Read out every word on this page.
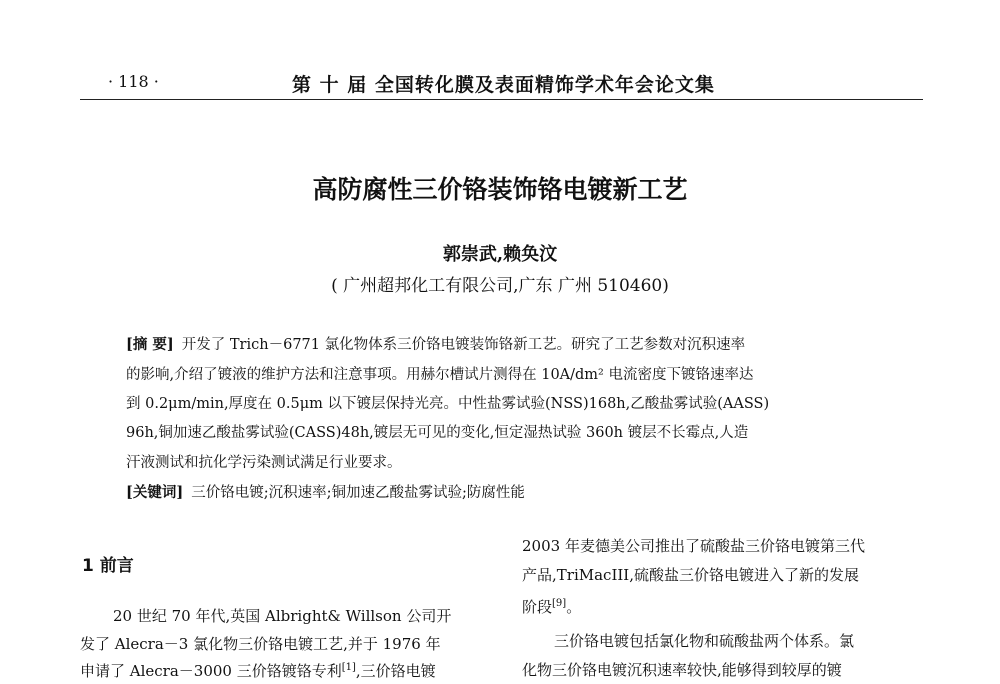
· 118 ·	第 十 届 全国转化膜及表面精饰学术年会论文集
高防腐性三价铬装饰铬电镀新工艺
郭崇武,赖奂汶
( 广州超邦化工有限公司,广东 广州 510460)
[摘 要] 开发了 Trich－6771 氯化物体系三价铬电镀装饰铬新工艺。研究了工艺参数对沉积速率
的影响,介绍了镀液的维护方法和注意事项。用赫尔槽试片测得在 10A/dm² 电流密度下镀铬速率达
到 0.2μm/min,厚度在 0.5μm 以下镀层保持光亮。中性盐雾试验(NSS)168h,乙酸盐雾试验(AASS)
96h,铜加速乙酸盐雾试验(CASS)48h,镀层无可见的变化,恒定湿热试验 360h 镀层不长霉点,人造
汗液测试和抗化学污染测试满足行业要求。
[关键词] 三价铬电镀;沉积速率;铜加速乙酸盐雾试验;防腐性能
1 前言
20 世纪 70 年代,英国 Albright& Willson 公司开
发了 Alecra－3 氯化物三价铬电镀工艺,并于 1976 年
申请了 Alecra－3000 三价铬镀铬专利[1],三价铬电镀
2003 年麦德美公司推出了硫酸盐三价铬电镀第三代
产品,TriMacIII,硫酸盐三价铬电镀进入了新的发展
阶段[9]。
三价铬电镀包括氯化物和硫酸盐两个体系。氯
化物三价铬电镀沉积速率较快,能够得到较厚的镀
